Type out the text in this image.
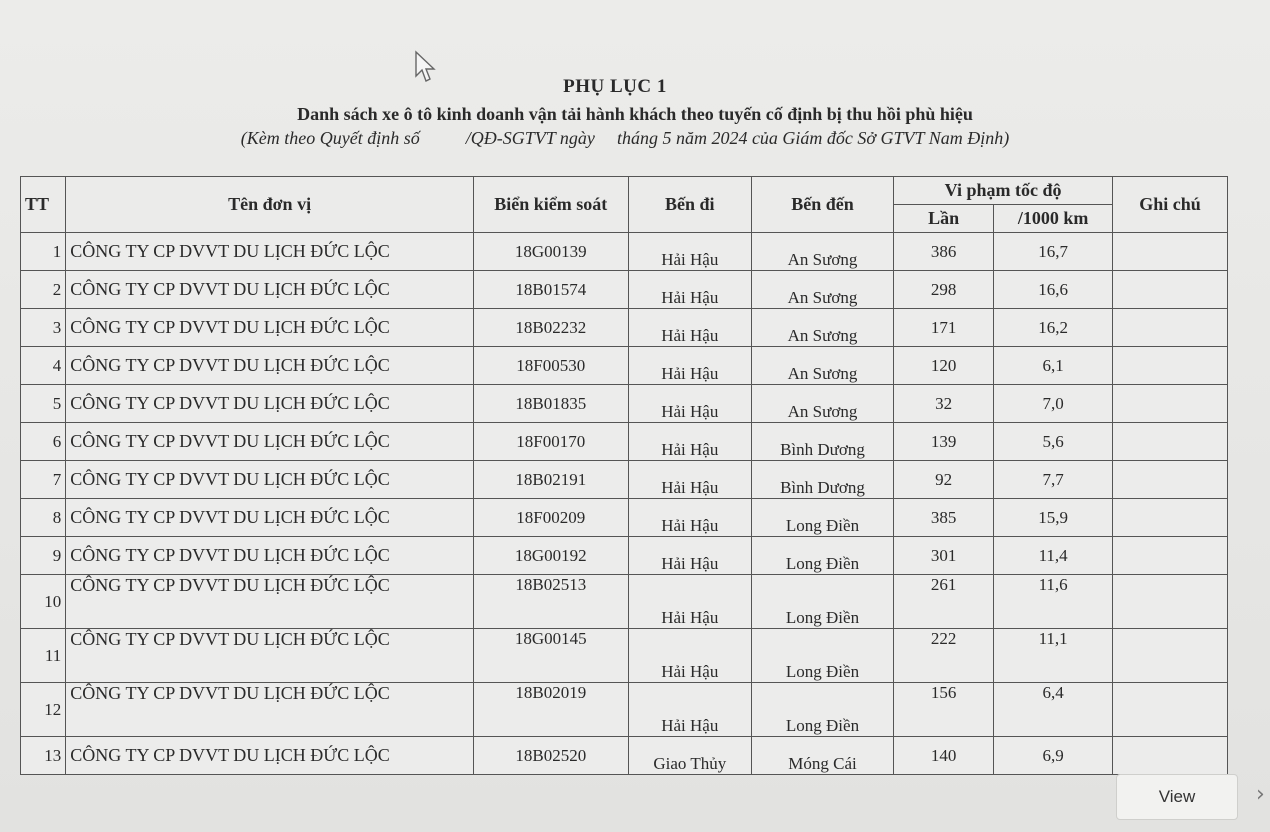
PHỤ LỤC 1
Danh sách xe ô tô kinh doanh vận tải hành khách theo tuyến cố định bị thu hồi phù hiệu
(Kèm theo Quyết định số	/QĐ-SGTVT ngày tháng 5 năm 2024 của Giám đốc Sở GTVT Nam Định)
TT	Tên đơn vị	Biển kiểm soát	Bến đi	Bến đến	Vi phạm tốc độ		Ghi chú
					Lần	/1000 km	
1	CÔNG TY CP DVVT DU LỊCH ĐỨC LỘC	18G00139	Hải Hậu	An Sương	386	16,7	
2	CÔNG TY CP DVVT DU LỊCH ĐỨC LỘC	18B01574	Hải Hậu	An Sương	298	16,6	
3	CÔNG TY CP DVVT DU LỊCH ĐỨC LỘC	18B02232	Hải Hậu	An Sương	171	16,2	
4	CÔNG TY CP DVVT DU LỊCH ĐỨC LỘC	18F00530	Hải Hậu	An Sương	120	6,1	
5	CÔNG TY CP DVVT DU LỊCH ĐỨC LỘC	18B01835	Hải Hậu	An Sương	32	7,0	
6	CÔNG TY CP DVVT DU LỊCH ĐỨC LỘC	18F00170	Hải Hậu	Bình Dương	139	5,6	
7	CÔNG TY CP DVVT DU LỊCH ĐỨC LỘC	18B02191	Hải Hậu	Bình Dương	92	7,7	
8	CÔNG TY CP DVVT DU LỊCH ĐỨC LỘC	18F00209	Hải Hậu	Long Điền	385	15,9	
9	CÔNG TY CP DVVT DU LỊCH ĐỨC LỘC	18G00192	Hải Hậu	Long Điền	301	11,4	
10	CÔNG TY CP DVVT DU LỊCH ĐỨC LỘC	18B02513	Hải Hậu	Long Điền	261	11,6	
11	CÔNG TY CP DVVT DU LỊCH ĐỨC LỘC	18G00145	Hải Hậu	Long Điền	222	11,1	
12	CÔNG TY CP DVVT DU LỊCH ĐỨC LỘC	18B02019	Hải Hậu	Long Điền	156	6,4	
13	CÔNG TY CP DVVT DU LỊCH ĐỨC LỘC	18B02520	Giao Thủy	Móng Cái	140	6,9	
View	›
